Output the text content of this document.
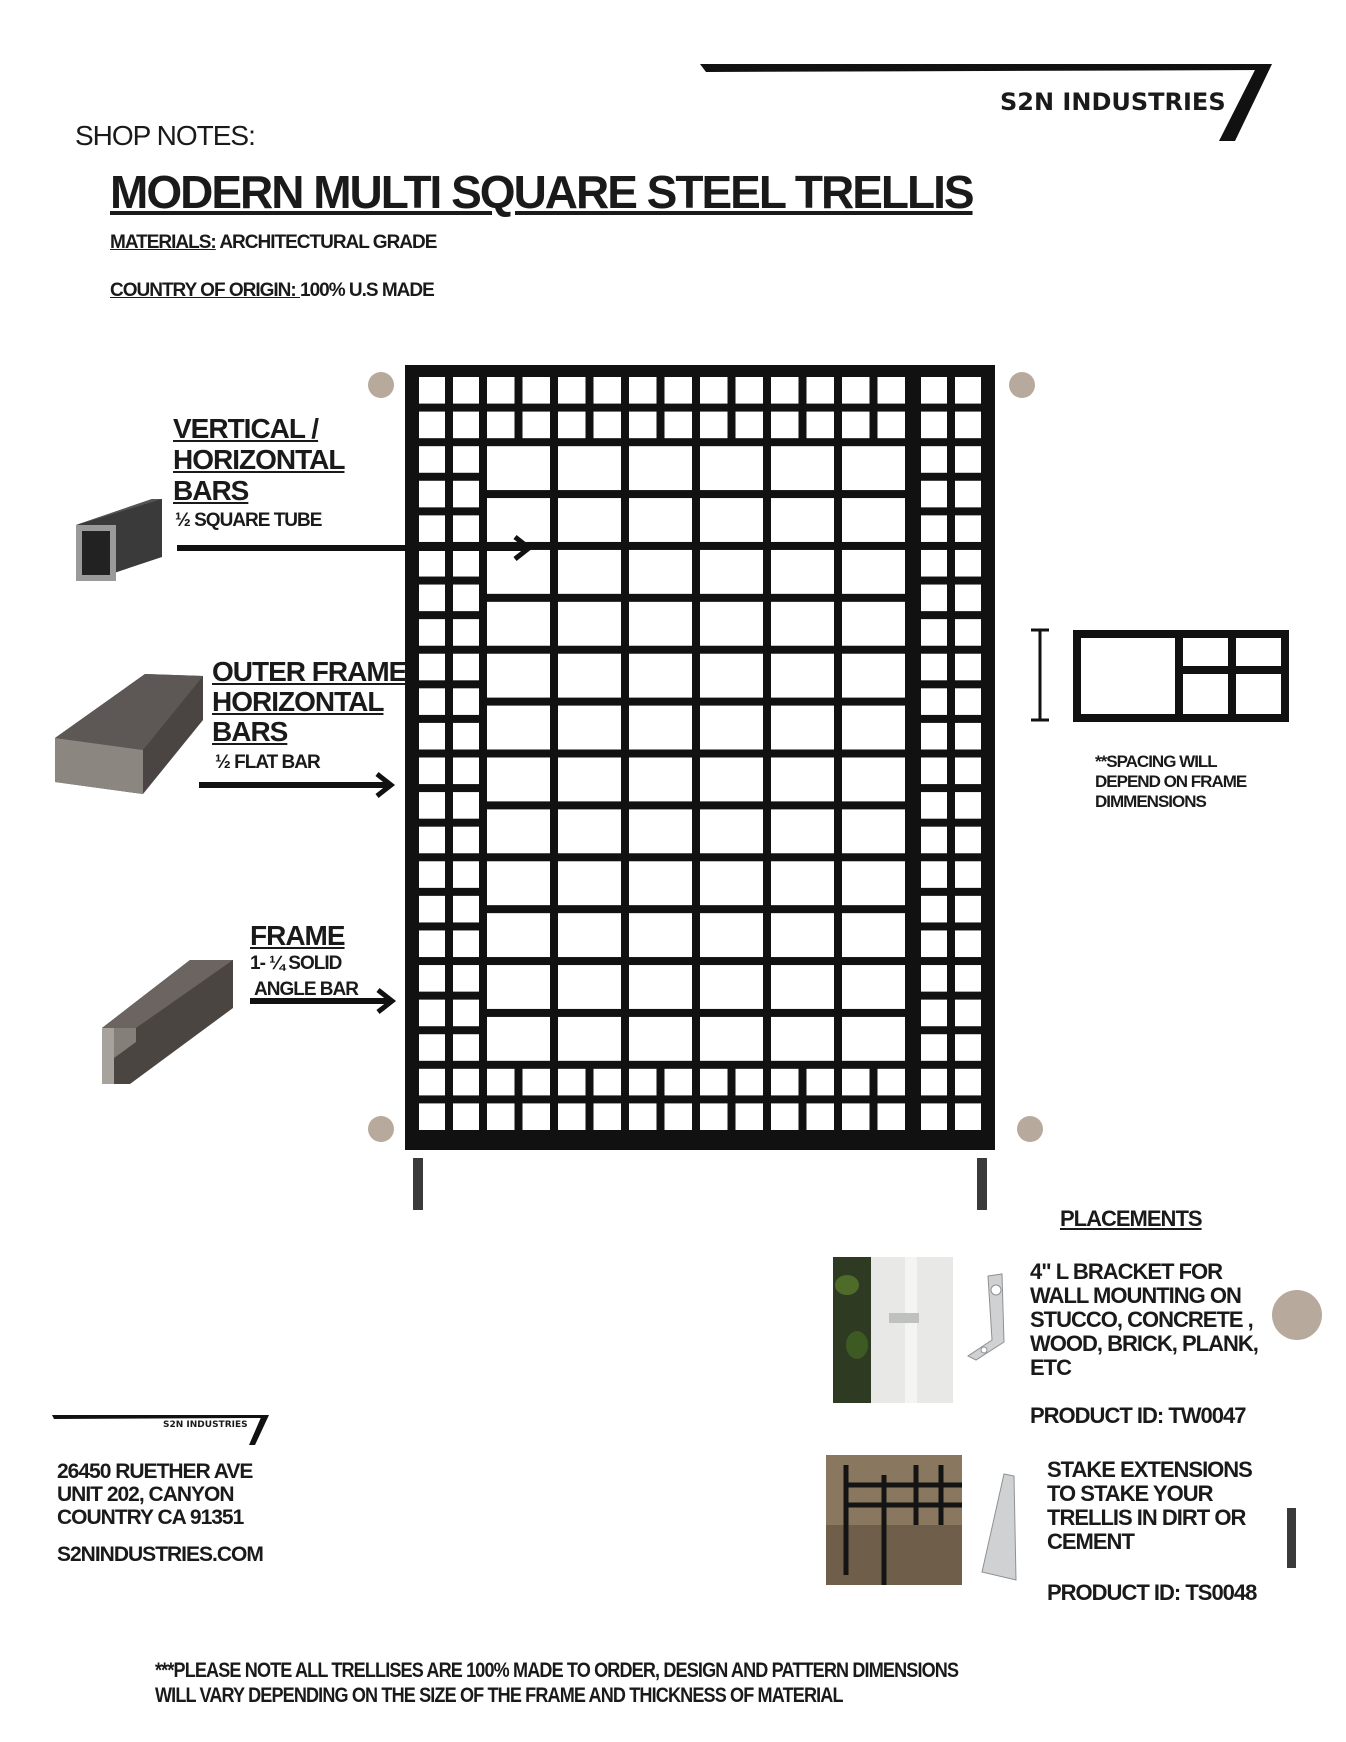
S2N INDUSTRIES
SHOP NOTES:
MODERN MULTI SQUARE STEEL TRELLIS
MATERIALS: ARCHITECTURAL GRADE
COUNTRY OF ORIGIN: 100% U.S MADE
VERTICAL /
HORIZONTAL
BARS
½ SQUARE TUBE
OUTER FRAME
HORIZONTAL
BARS
½ FLAT BAR
FRAME
1- ¼ SOLID
ANGLE BAR
**SPACING WILL
DEPEND ON FRAME
DIMMENSIONS
PLACEMENTS
4" L BRACKET FOR
WALL MOUNTING ON
STUCCO, CONCRETE ,
WOOD, BRICK, PLANK,
ETC
PRODUCT ID: TW0047
STAKE EXTENSIONS
TO STAKE YOUR
TRELLIS IN DIRT OR
CEMENT
PRODUCT ID: TS0048
S2N INDUSTRIES
26450 RUETHER AVE
UNIT 202, CANYON
COUNTRY CA 91351
S2NINDUSTRIES.COM
***PLEASE NOTE ALL TRELLISES ARE 100% MADE TO ORDER, DESIGN AND PATTERN DIMENSIONS
WILL VARY DEPENDING ON THE SIZE OF THE FRAME AND THICKNESS OF MATERIAL
